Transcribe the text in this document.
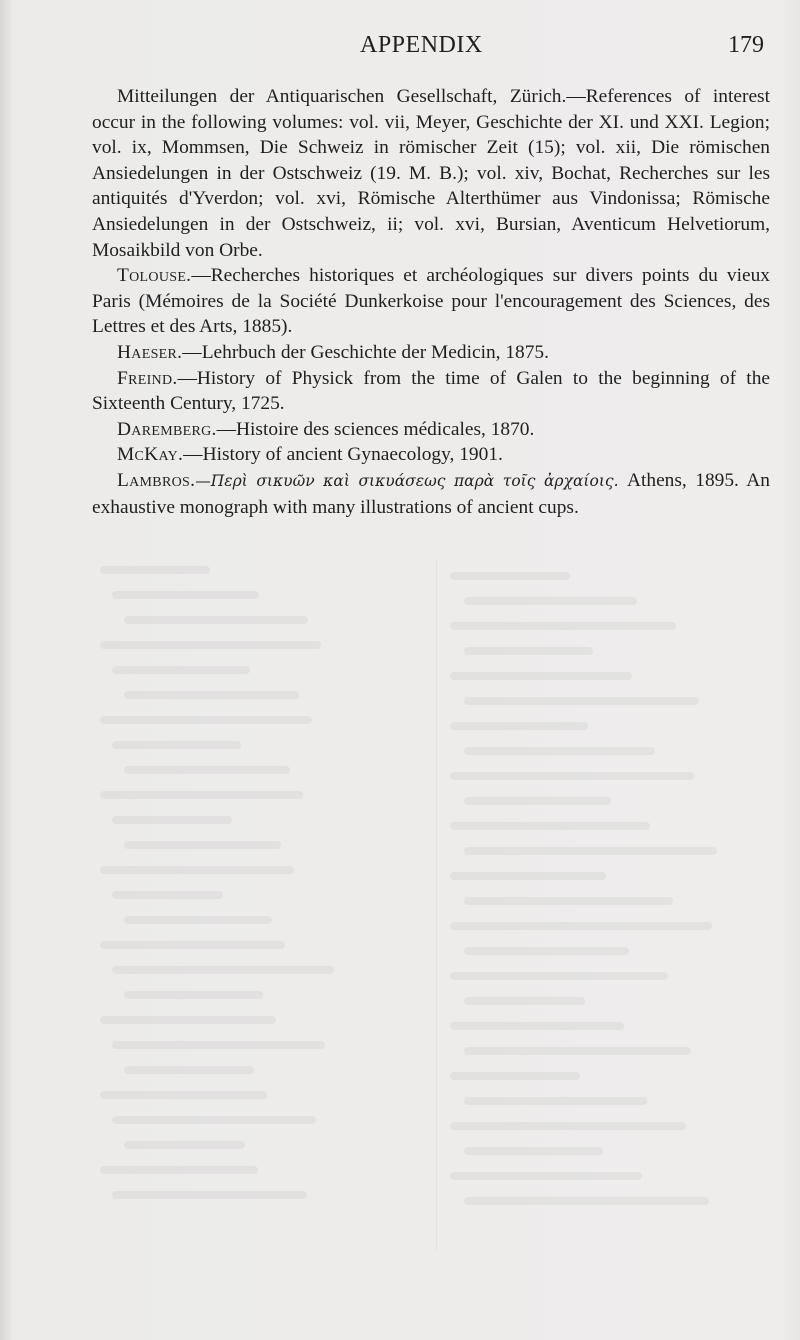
APPENDIX	179

Mitteilungen der Antiquarischen Gesellschaft, Zürich.—References of interest occur in the following volumes: vol. vii, Meyer, Geschichte der XI. und XXI. Legion; vol. ix, Mommsen, Die Schweiz in römischer Zeit (15); vol. xii, Die römischen Ansiedelungen in der Ostschweiz (19. M. B.); vol. xiv, Bochat, Recherches sur les antiquités d'Yverdon; vol. xvi, Römische Alterthümer aus Vindonissa; Römische Ansiedelungen in der Ostschweiz, ii; vol. xvi, Bursian, Aventicum Helvetiorum, Mosaikbild von Orbe.

Tolouse.—Recherches historiques et archéologiques sur divers points du vieux Paris (Mémoires de la Société Dunkerkoise pour l'encouragement des Sciences, des Lettres et des Arts, 1885).

Haeser.—Lehrbuch der Geschichte der Medicin, 1875.

Freind.—History of Physick from the time of Galen to the beginning of the Sixteenth Century, 1725.

Daremberg.—Histoire des sciences médicales, 1870.

McKay.—History of ancient Gynaecology, 1901.

Lambros.—Περὶ σικυῶν καὶ σικυάσεως παρὰ τοῖς ἀρχαίοις. Athens, 1895. An exhaustive monograph with many illustrations of ancient cups.
